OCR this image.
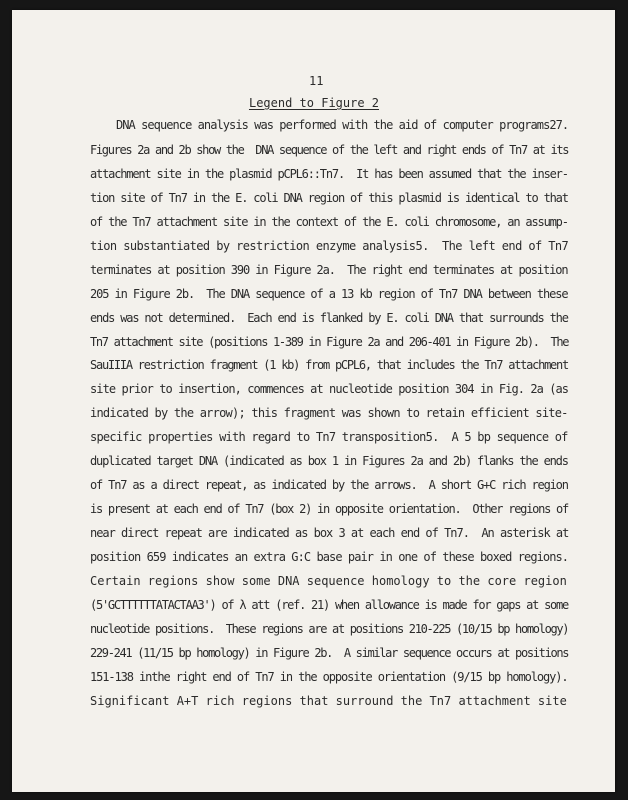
11
Legend to Figure 2
DNA sequence analysis was performed with the aid of computer programs27.
Figures 2a and 2b show the  DNA sequence of the left and right ends of Tn7 at its
attachment site in the plasmid pCPL6::Tn7.  It has been assumed that the inser-
tion site of Tn7 in the E. coli DNA region of this plasmid is identical to that
of the Tn7 attachment site in the context of the E. coli chromosome, an assump-
tion substantiated by restriction enzyme analysis5.  The left end of Tn7
terminates at position 390 in Figure 2a.  The right end terminates at position
205 in Figure 2b.  The DNA sequence of a 13 kb region of Tn7 DNA between these
ends was not determined.  Each end is flanked by E. coli DNA that surrounds the
Tn7 attachment site (positions 1-389 in Figure 2a and 206-401 in Figure 2b).  The
SauIIIA restriction fragment (1 kb) from pCPL6, that includes the Tn7 attachment
site prior to insertion, commences at nucleotide position 304 in Fig. 2a (as
indicated by the arrow); this fragment was shown to retain efficient site-
specific properties with regard to Tn7 transposition5.  A 5 bp sequence of
duplicated target DNA (indicated as box 1 in Figures 2a and 2b) flanks the ends
of Tn7 as a direct repeat, as indicated by the arrows.  A short G+C rich region
is present at each end of Tn7 (box 2) in opposite orientation.  Other regions of
near direct repeat are indicated as box 3 at each end of Tn7.  An asterisk at
position 659 indicates an extra G:C base pair in one of these boxed regions.
Certain regions show some DNA sequence homology to the core region
(5'GCTTTTTTATACTAA3') of λ att (ref. 21) when allowance is made for gaps at some
nucleotide positions.  These regions are at positions 210-225 (10/15 bp homology)
229-241 (11/15 bp homology) in Figure 2b.  A similar sequence occurs at positions
151-138 inthe right end of Tn7 in the opposite orientation (9/15 bp homology).
Significant A+T rich regions that surround the Tn7 attachment site
